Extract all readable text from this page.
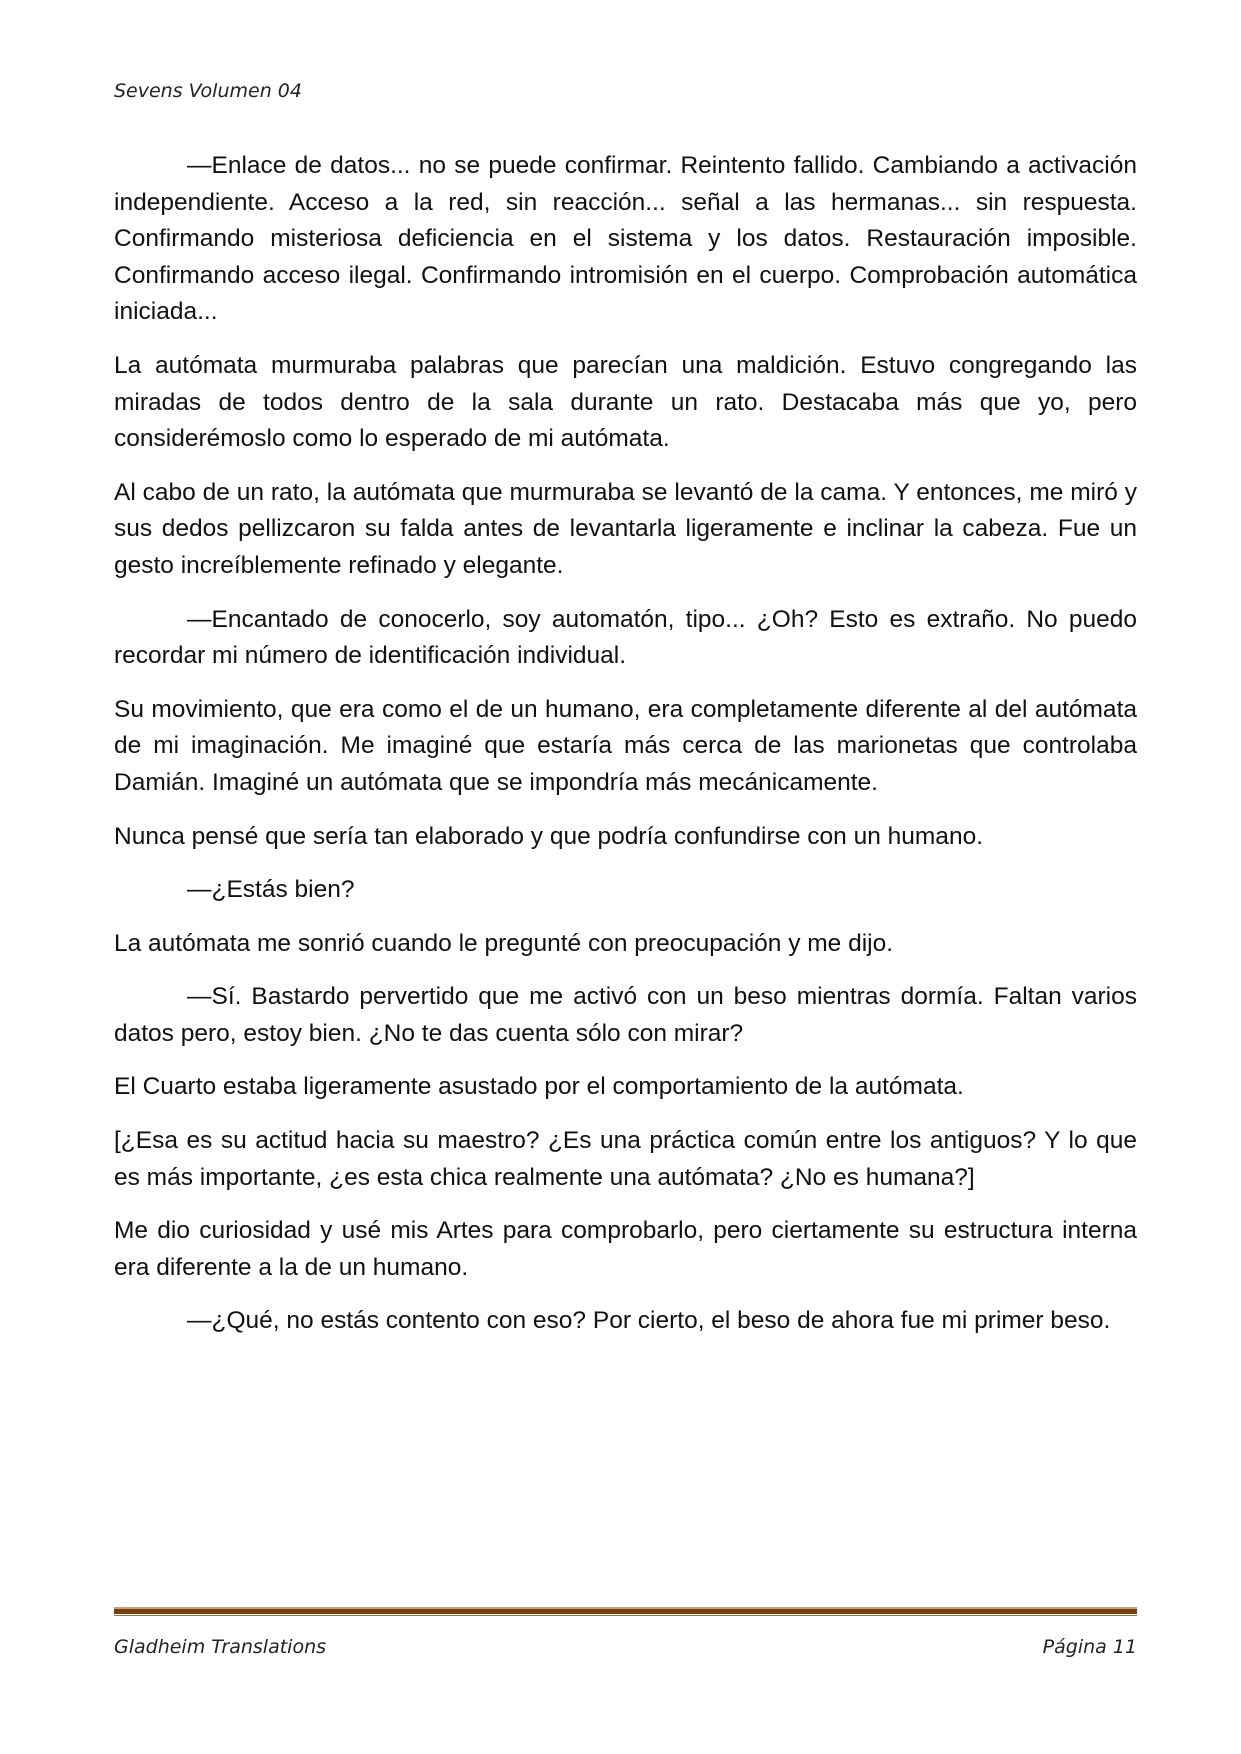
Sevens Volumen 04

—Enlace de datos... no se puede confirmar. Reintento fallido. Cambiando a activación independiente. Acceso a la red, sin reacción... señal a las hermanas... sin respuesta. Confirmando misteriosa deficiencia en el sistema y los datos. Restauración imposible. Confirmando acceso ilegal. Confirmando intromisión en el cuerpo. Comprobación automática iniciada...

La autómata murmuraba palabras que parecían una maldición. Estuvo congregando las miradas de todos dentro de la sala durante un rato. Destacaba más que yo, pero considerémoslo como lo esperado de mi autómata.

Al cabo de un rato, la autómata que murmuraba se levantó de la cama. Y entonces, me miró y sus dedos pellizcaron su falda antes de levantarla ligeramente e inclinar la cabeza. Fue un gesto increíblemente refinado y elegante.

—Encantado de conocerlo, soy automatón, tipo... ¿Oh? Esto es extraño. No puedo recordar mi número de identificación individual.

Su movimiento, que era como el de un humano, era completamente diferente al del autómata de mi imaginación. Me imaginé que estaría más cerca de las marionetas que controlaba Damián. Imaginé un autómata que se impondría más mecánicamente.

Nunca pensé que sería tan elaborado y que podría confundirse con un humano.

—¿Estás bien?

La autómata me sonrió cuando le pregunté con preocupación y me dijo.

—Sí. Bastardo pervertido que me activó con un beso mientras dormía. Faltan varios datos pero, estoy bien. ¿No te das cuenta sólo con mirar?

El Cuarto estaba ligeramente asustado por el comportamiento de la autómata.

[¿Esa es su actitud hacia su maestro? ¿Es una práctica común entre los antiguos? Y lo que es más importante, ¿es esta chica realmente una autómata? ¿No es humana?]

Me dio curiosidad y usé mis Artes para comprobarlo, pero ciertamente su estructura interna era diferente a la de un humano.

—¿Qué, no estás contento con eso? Por cierto, el beso de ahora fue mi primer beso.

Gladheim Translations	Página 11
